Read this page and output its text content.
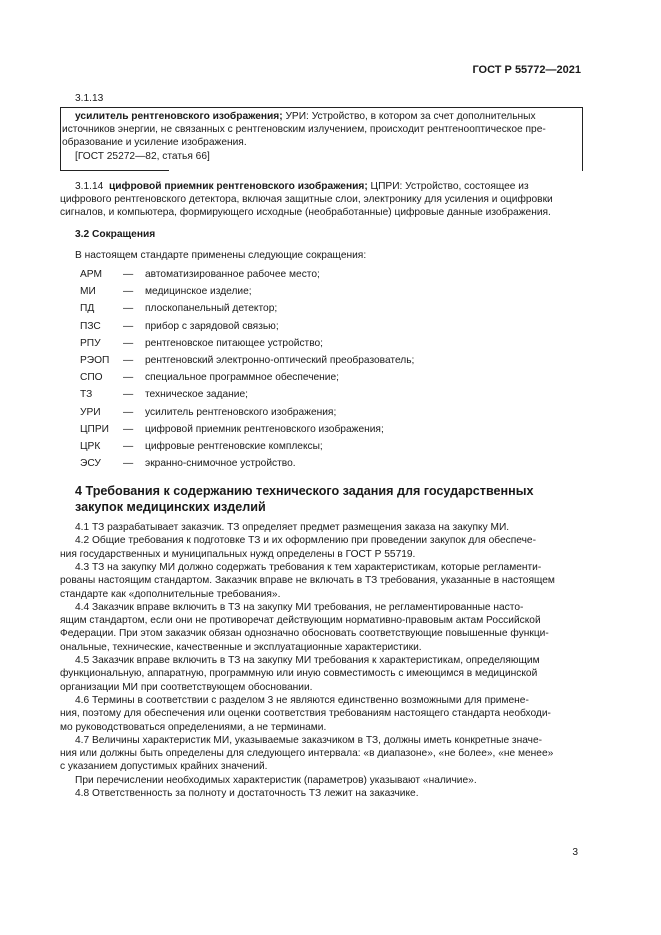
ГОСТ Р 55772—2021
3.1.13
усилитель рентгеновского изображения; УРИ: Устройство, в котором за счет дополнительных
источников энергии, не связанных с рентгеновским излучением, происходит рентгенооптическое пре-
образование и усиление изображения.
[ГОСТ 25272—82, статья 66]
3.1.14 цифровой приемник рентгеновского изображения; ЦПРИ: Устройство, состоящее из
цифрового рентгеновского детектора, включая защитные слои, электронику для усиления и оцифровки
сигналов, и компьютера, формирующего исходные (необработанные) цифровые данные изображения.
3.2 Сокращения
В настоящем стандарте применены следующие сокращения:
АРМ — автоматизированное рабочее место;
МИ	— медицинское изделие;
ПД	— плоскопанельный детектор;
ПЗС — прибор с зарядовой связью;
РПУ — рентгеновское питающее устройство;
РЭОП — рентгеновский электронно-оптический преобразователь;
СПО — специальное программное обеспечение;
ТЗ	— техническое задание;
УРИ — усилитель рентгеновского изображения;
ЦПРИ — цифровой приемник рентгеновского изображения;
ЦРК — цифровые рентгеновские комплексы;
ЭСУ — экранно-снимочное устройство.
4 Требования к содержанию технического задания для государственных
закупок медицинских изделий
4.1 ТЗ разрабатывает заказчик. ТЗ определяет предмет размещения заказа на закупку МИ.
4.2 Общие требования к подготовке ТЗ и их оформлению при проведении закупок для обеспече-
ния государственных и муниципальных нужд определены в ГОСТ Р 55719.
4.3 ТЗ на закупку МИ должно содержать требования к тем характеристикам, которые регламенти-
рованы настоящим стандартом. Заказчик вправе не включать в ТЗ требования, указанные в настоящем
стандарте как «дополнительные требования».
4.4 Заказчик вправе включить в ТЗ на закупку МИ требования, не регламентированные насто-
ящим стандартом, если они не противоречат действующим нормативно-правовым актам Российской
Федерации. При этом заказчик обязан однозначно обосновать соответствующие повышенные функци-
ональные, технические, качественные и эксплуатационные характеристики.
4.5 Заказчик вправе включить в ТЗ на закупку МИ требования к характеристикам, определяющим
функциональную, аппаратную, программную или иную совместимость с имеющимся в медицинской
организации МИ при соответствующем обосновании.
4.6 Термины в соответствии с разделом 3 не являются единственно возможными для примене-
ния, поэтому для обеспечения или оценки соответствия требованиям настоящего стандарта необходи-
мо руководствоваться определениями, а не терминами.
4.7 Величины характеристик МИ, указываемые заказчиком в ТЗ, должны иметь конкретные значе-
ния или должны быть определены для следующего интервала: «в диапазоне», «не более», «не менее»
с указанием допустимых крайних значений.
При перечислении необходимых характеристик (параметров) указывают «наличие».
4.8 Ответственность за полноту и достаточность ТЗ лежит на заказчике.
3
